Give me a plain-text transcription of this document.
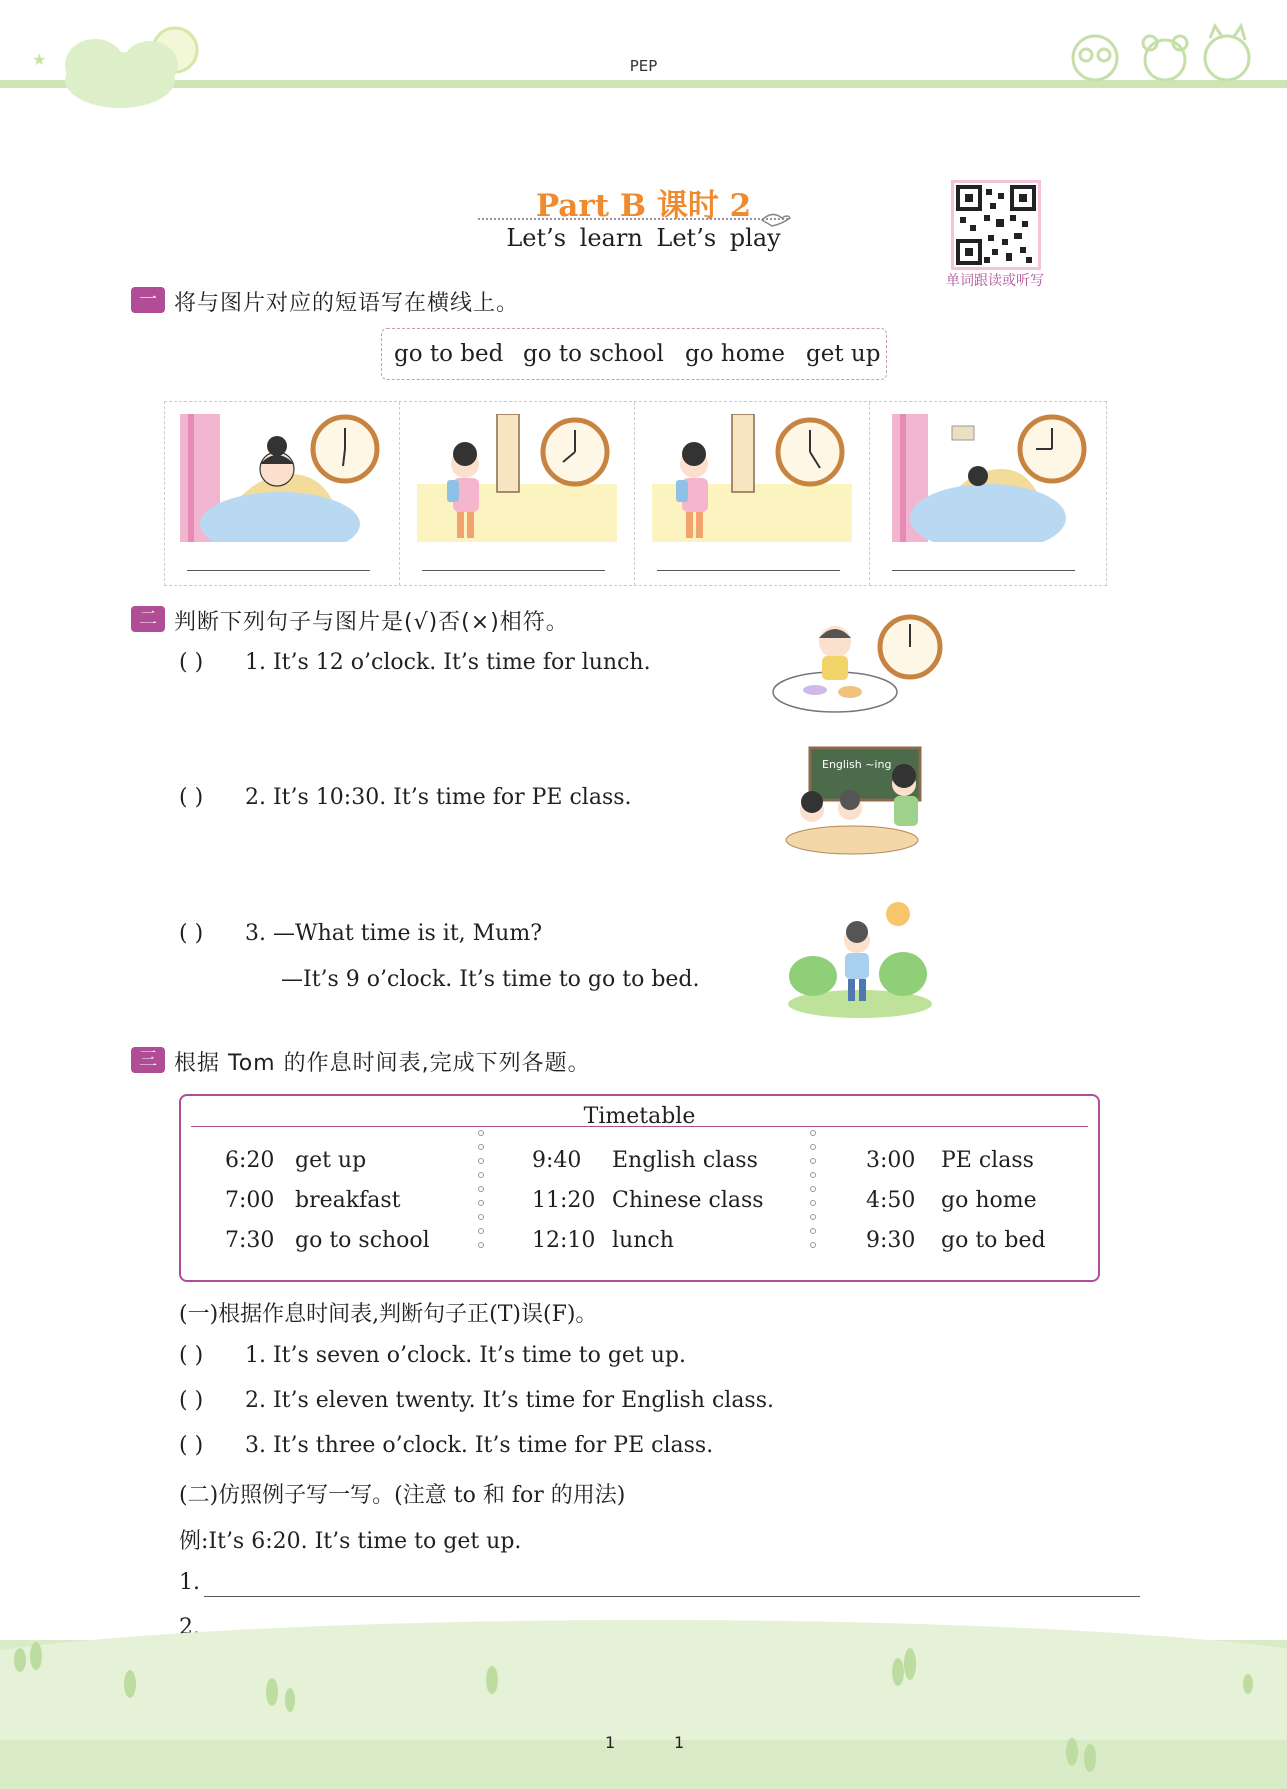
★	PEP
Part B 课时 2
Let’s learn Let’s play
单词跟读或听写
一 将与图片对应的短语写在横线上。
go to bed go to school go home get up
二 判断下列句子与图片是(√)否(×)相符。
( ) 1. It’s 12 o’clock. It’s time for lunch.
( ) 2. It’s 10:30. It’s time for PE class.
English ~ing
( ) 3. —What time is it, Mum?
—It’s 9 o’clock. It’s time to go to bed.
三 根据 Tom 的作息时间表,完成下列各题。
Timetable
6:20 get up
7:00 breakfast
7:30 go to school
9:40 English class
11:20 Chinese class
12:10 lunch
3:00 PE class
4:50 go home
9:30 go to bed
(一)根据作息时间表,判断句子正(T)误(F)。
( ) 1. It’s seven o’clock. It’s time to get up.
( ) 2. It’s eleven twenty. It’s time for English class.
( ) 3. It’s three o’clock. It’s time for PE class.
(二)仿照例子写一写。(注意 to 和 for 的用法)
例:It’s 6:20. It’s time to get up.
1.
2.
1	1
